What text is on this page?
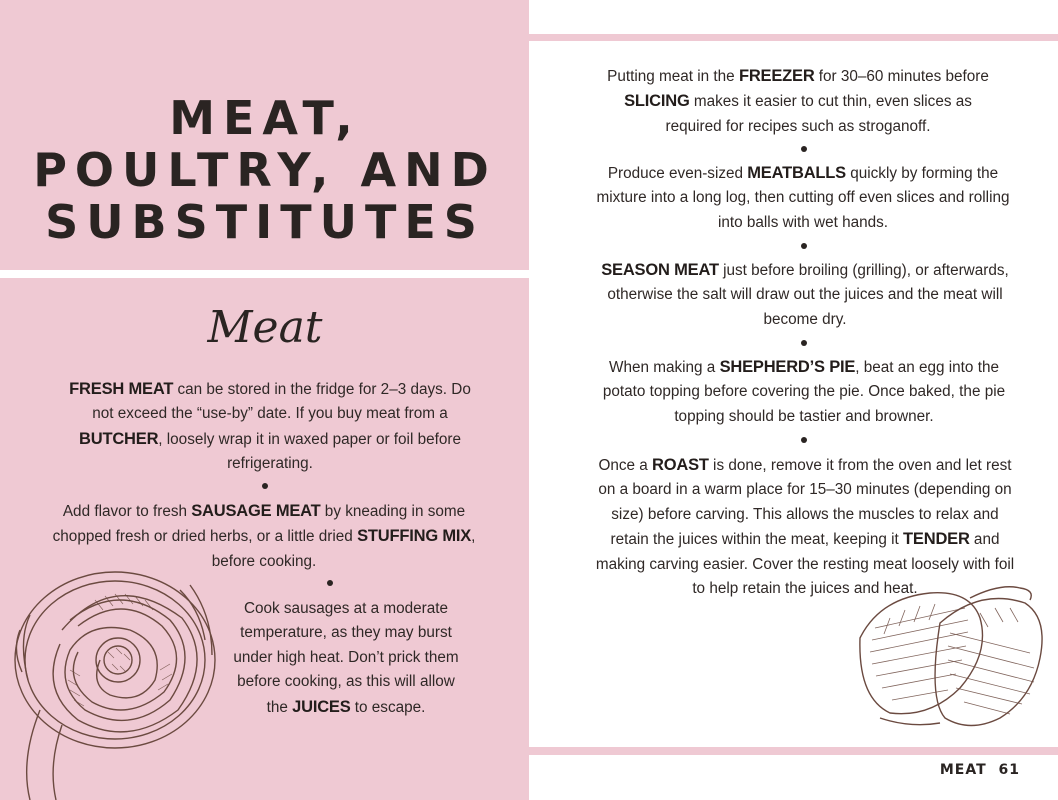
MEAT,
POULTRY, AND
SUBSTITUTES
Meat
FRESH MEAT can be stored in the fridge for 2–3 days. Do not exceed the “use-by” date. If you buy meat from a BUTCHER, loosely wrap it in waxed paper or foil before refrigerating.
Add flavor to fresh SAUSAGE MEAT by kneading in some chopped fresh or dried herbs, or a little dried STUFFING MIX, before cooking.
Cook sausages at a moderate temperature, as they may burst under high heat. Don’t prick them before cooking, as this will allow the JUICES to escape.
Putting meat in the FREEZER for 30–60 minutes before SLICING makes it easier to cut thin, even slices as required for recipes such as stroganoff.
Produce even-sized MEATBALLS quickly by forming the mixture into a long log, then cutting off even slices and rolling into balls with wet hands.
SEASON MEAT just before broiling (grilling), or afterwards, otherwise the salt will draw out the juices and the meat will become dry.
When making a SHEPHERD’S PIE, beat an egg into the potato topping before covering the pie. Once baked, the pie topping should be tastier and browner.
Once a ROAST is done, remove it from the oven and let rest on a board in a warm place for 15–30 minutes (depending on size) before carving. This allows the muscles to relax and retain the juices within the meat, keeping it TENDER and making carving easier. Cover the resting meat loosely with foil to help retain the juices and heat.
MEAT 61
